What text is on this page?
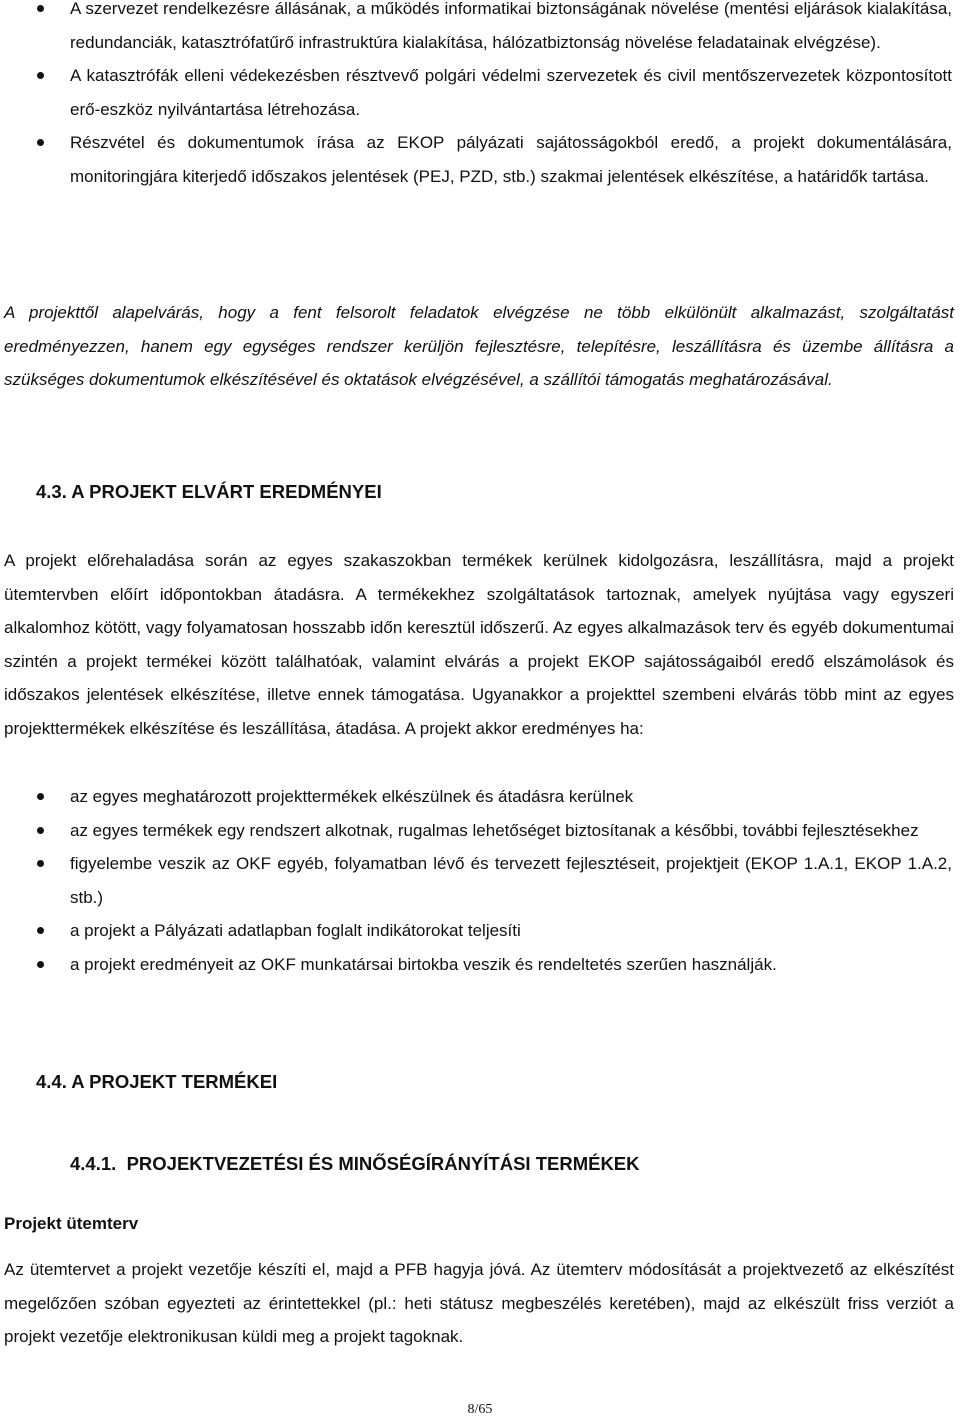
A szervezet rendelkezésre állásának, a működés informatikai biztonságának növelése (mentési eljárások kialakítása, redundanciák, katasztrófatűrő infrastruktúra kialakítása, hálózatbiztonság növelése feladatainak elvégzése).
A katasztrófák elleni védekezésben résztvevő polgári védelmi szervezetek és civil mentőszervezetek központosított erő-eszköz nyilvántartása létrehozása.
Részvétel és dokumentumok írása az EKOP pályázati sajátosságokból eredő, a projekt dokumentálására, monitoringjára kiterjedő időszakos jelentések (PEJ, PZD, stb.) szakmai jelentések elkészítése, a határidők tartása.

A projekttől alapelvárás, hogy a fent felsorolt feladatok elvégzése ne több elkülönült alkalmazást, szolgáltatást eredményezzen, hanem egy egységes rendszer kerüljön fejlesztésre, telepítésre, leszállításra és üzembe állításra a szükséges dokumentumok elkészítésével és oktatások elvégzésével, a szállítói támogatás meghatározásával.

4.3. A PROJEKT ELVÁRT EREDMÉNYEI

A projekt előrehaladása során az egyes szakaszokban termékek kerülnek kidolgozásra, leszállításra, majd a projekt ütemtervben előírt időpontokban átadásra. A termékekhez szolgáltatások tartoznak, amelyek nyújtása vagy egyszeri alkalomhoz kötött, vagy folyamatosan hosszabb időn keresztül időszerű. Az egyes alkalmazások terv és egyéb dokumentumai szintén a projekt termékei között találhatóak, valamint elvárás a projekt EKOP sajátosságaiból eredő elszámolások és időszakos jelentések elkészítése, illetve ennek támogatása. Ugyanakkor a projekttel szembeni elvárás több mint az egyes projekttermékek elkészítése és leszállítása, átadása. A projekt akkor eredményes ha:

az egyes meghatározott projekttermékek elkészülnek és átadásra kerülnek
az egyes termékek egy rendszert alkotnak, rugalmas lehetőséget biztosítanak a későbbi, további fejlesztésekhez
figyelembe veszik az OKF egyéb, folyamatban lévő és tervezett fejlesztéseit, projektjeit (EKOP 1.A.1, EKOP 1.A.2, stb.)
a projekt a Pályázati adatlapban foglalt indikátorokat teljesíti
a projekt eredményeit az OKF munkatársai birtokba veszik és rendeltetés szerűen használják.
4.4. A PROJEKT TERMÉKEI
4.4.1.  PROJEKTVEZETÉSI ÉS MINŐSÉGÍRÁNYÍTÁSI TERMÉKEK
Projekt ütemterv

Az ütemtervet a projekt vezetője készíti el, majd a PFB hagyja jóvá. Az ütemterv módosítását a projektvezető az elkészítést megelőzően szóban egyezteti az érintettekkel (pl.: heti státusz megbeszélés keretében), majd az elkészült friss verziót a projekt vezetője elektronikusan küldi meg a projekt tagoknak.

8/65
